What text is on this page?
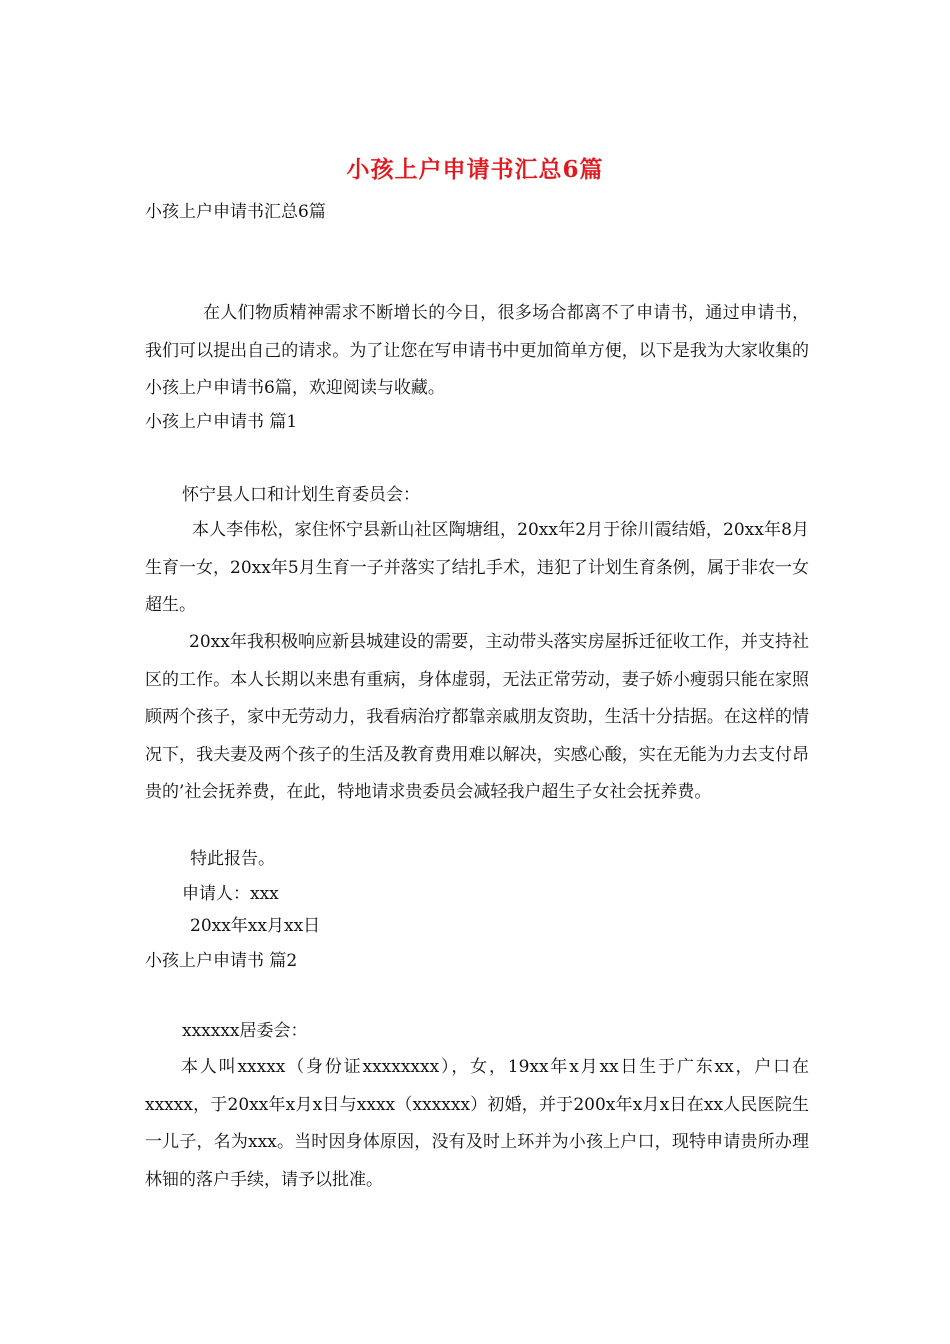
小孩上户申请书汇总6篇
小孩上户申请书汇总6篇
在人们物质精神需求不断增长的今日，很多场合都离不了申请书，通过申请书，我们可以提出自己的请求。为了让您在写申请书中更加简单方便，以下是我为大家收集的小孩上户申请书6篇，欢迎阅读与收藏。
小孩上户申请书 篇1
怀宁县人口和计划生育委员会：
本人李伟松，家住怀宁县新山社区陶塘组，20xx年2月于徐川霞结婚，20xx年8月生育一女，20xx年5月生育一子并落实了结扎手术，违犯了计划生育条例，属于非农一女超生。
20xx年我积极响应新县城建设的需要，主动带头落实房屋拆迁征收工作，并支持社区的工作。本人长期以来患有重病，身体虚弱，无法正常劳动，妻子娇小瘦弱只能在家照顾两个孩子，家中无劳动力，我看病治疗都靠亲戚朋友资助，生活十分拮据。在这样的情况下，我夫妻及两个孩子的生活及教育费用难以解决，实感心酸，实在无能为力去支付昂贵的’社会抚养费，在此，特地请求贵委员会减轻我户超生子女社会抚养费。
特此报告。
申请人：xxx
20xx年xx月xx日
小孩上户申请书 篇2
xxxxxx居委会：
本人叫xxxxx（身份证xxxxxxxx），女，19xx年x月xx日生于广东xx，户口在xxxxx，于20xx年x月x日与xxxx（xxxxxx）初婚，并于200x年x月x日在xx人民医院生一儿子，名为xxx。当时因身体原因，没有及时上环并为小孩上户口，现特申请贵所办理林钿的落户手续，请予以批准。
